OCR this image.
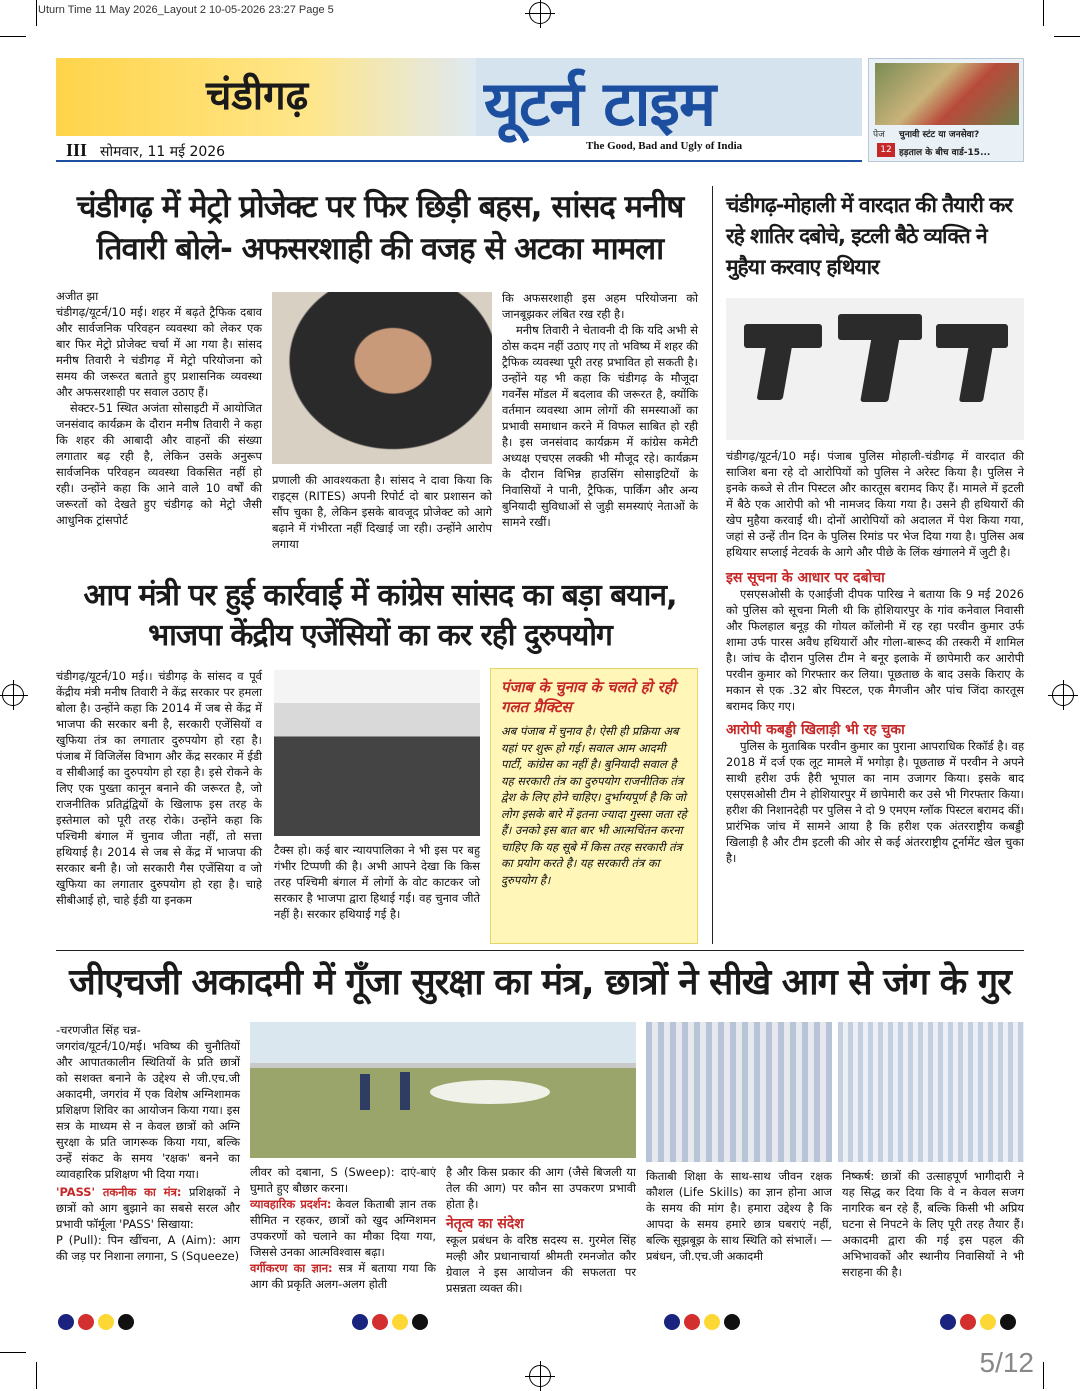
Uturn Time 11 May 2026_Layout 2 10-05-2026 23:27 Page 5
चंडीगढ़	यूटर्न टाइम
III सोमवार, 11 मई 2026	The Good, Bad and Ugly of India
पेज
12
चुनावी स्टंट या जनसेवा?
हड़ताल के बीच वार्ड-15...
चंडीगढ़ में मेट्रो प्रोजेक्ट पर फिर छिड़ी बहस, सांसद मनीष तिवारी बोले- अफसरशाही की वजह से अटका मामला

अजीत झा

चंडीगढ़/यूटर्न/10 मई। शहर में बढ़ते ट्रैफिक दबाव और सार्वजनिक परिवहन व्यवस्था को लेकर एक बार फिर मेट्रो प्रोजेक्ट चर्चा में आ गया है। सांसद मनीष तिवारी ने चंडीगढ़ में मेट्रो परियोजना को समय की जरूरत बताते हुए प्रशासनिक व्यवस्था और अफसरशाही पर सवाल उठाए हैं।

सेक्टर-51 स्थित अजंता सोसाइटी में आयोजित जनसंवाद कार्यक्रम के दौरान मनीष तिवारी ने कहा कि शहर की आबादी और वाहनों की संख्या लगातार बढ़ रही है, लेकिन उसके अनुरूप सार्वजनिक परिवहन व्यवस्था विकसित नहीं हो रही। उन्होंने कहा कि आने वाले 10 वर्षों की जरूरतों को देखते हुए चंडीगढ़ को मेट्रो जैसी आधुनिक ट्रांसपोर्ट

प्रणाली की आवश्यकता है। सांसद ने दावा किया कि राइट्स (RITES) अपनी रिपोर्ट दो बार प्रशासन को सौंप चुका है, लेकिन इसके बावजूद प्रोजेक्ट को आगे बढ़ाने में गंभीरता नहीं दिखाई जा रही। उन्होंने आरोप लगाया

कि अफसरशाही इस अहम परियोजना को जानबूझकर लंबित रख रही है।

मनीष तिवारी ने चेतावनी दी कि यदि अभी से ठोस कदम नहीं उठाए गए तो भविष्य में शहर की ट्रैफिक व्यवस्था पूरी तरह प्रभावित हो सकती है। उन्होंने यह भी कहा कि चंडीगढ़ के मौजूदा गवर्नेंस मॉडल में बदलाव की जरूरत है, क्योंकि वर्तमान व्यवस्था आम लोगों की समस्याओं का प्रभावी समाधान करने में विफल साबित हो रही है। इस जनसंवाद कार्यक्रम में कांग्रेस कमेटी अध्यक्ष एचएस लक्की भी मौजूद रहे। कार्यक्रम के दौरान विभिन्न हाउसिंग सोसाइटियों के निवासियों ने पानी, ट्रैफिक, पार्किंग और अन्य बुनियादी सुविधाओं से जुड़ी समस्याएं नेताओं के सामने रखीं।

चंडीगढ़-मोहाली में वारदात की तैयारी कर रहे शातिर दबोचे, इटली बैठे व्यक्ति ने मुहैया करवाए हथियार

चंडीगढ़/यूटर्न/10 मई। पंजाब पुलिस मोहाली-चंडीगढ़ में वारदात की साजिश बना रहे दो आरोपियों को पुलिस ने अरेस्ट किया है। पुलिस ने इनके कब्जे से तीन पिस्टल और कारतूस बरामद किए हैं। मामले में इटली में बैठे एक आरोपी को भी नामजद किया गया है। उसने ही हथियारों की खेप मुहैया करवाई थी। दोनों आरोपियों को अदालत में पेश किया गया, जहां से उन्हें तीन दिन के पुलिस रिमांड पर भेज दिया गया है। पुलिस अब हथियार सप्लाई नेटवर्क के आगे और पीछे के लिंक खंगालने में जुटी है।

इस सूचना के आधार पर दबोचा

एसएसओसी के एआईजी दीपक पारिख ने बताया कि 9 मई 2026 को पुलिस को सूचना मिली थी कि होशियारपुर के गांव कनेवाल निवासी और फिलहाल बनूड़ की गोयल कॉलोनी में रह रहा परवीन कुमार उर्फ शामा उर्फ पारस अवैध हथियारों और गोला-बारूद की तस्करी में शामिल है। जांच के दौरान पुलिस टीम ने बनूर इलाके में छापेमारी कर आरोपी परवीन कुमार को गिरफ्तार कर लिया। पूछताछ के बाद उसके किराए के मकान से एक .32 बोर पिस्टल, एक मैगजीन और पांच जिंदा कारतूस बरामद किए गए।

आरोपी कबड्डी खिलाड़ी भी रह चुका

पुलिस के मुताबिक परवीन कुमार का पुराना आपराधिक रिकॉर्ड है। वह 2018 में दर्ज एक लूट मामले में भगोड़ा है। पूछताछ में परवीन ने अपने साथी हरीश उर्फ हैरी भूपाल का नाम उजागर किया। इसके बाद एसएसओसी टीम ने होशियारपुर में छापेमारी कर उसे भी गिरफ्तार किया। हरीश की निशानदेही पर पुलिस ने दो 9 एमएम ग्लॉक पिस्टल बरामद कीं। प्रारंभिक जांच में सामने आया है कि हरीश एक अंतरराष्ट्रीय कबड्डी खिलाड़ी है और टीम इटली की ओर से कई अंतरराष्ट्रीय टूर्नामेंट खेल चुका है।

आप मंत्री पर हुई कार्रवाई में कांग्रेस सांसद का बड़ा बयान, भाजपा केंद्रीय एजेंसियों का कर रही दुरुपयोग

चंडीगढ़/यूटर्न/10 मई।। चंडीगढ़ के सांसद व पूर्व केंद्रीय मंत्री मनीष तिवारी ने केंद्र सरकार पर हमला बोला है। उन्होंने कहा कि 2014 में जब से केंद्र में भाजपा की सरकार बनी है, सरकारी एजेंसियों व खुफिया तंत्र का लगातार दुरुपयोग हो रहा है। पंजाब में विजिलेंस विभाग और केंद्र सरकार में ईडी व सीबीआई का दुरुपयोग हो रहा है। इसे रोकने के लिए एक पुख्ता कानून बनाने की जरूरत है, जो राजनीतिक प्रतिद्वंद्वियों के खिलाफ इस तरह के इस्तेमाल को पूरी तरह रोके। उन्होंने कहा कि पश्चिमी बंगाल में चुनाव जीता नहीं, तो सत्ता हथियाई है। 2014 से जब से केंद्र में भाजपा की सरकार बनी है। जो सरकारी गैस एजेंसिया व जो खुफिया का लगातार दुरुपयोग हो रहा है। चाहे सीबीआई हो, चाहे ईडी या इनकम

टैक्स हो। कई बार न्यायपालिका ने भी इस पर बहु गंभीर टिप्पणी की है। अभी आपने देखा कि किस तरह पश्चिमी बंगाल में लोगों के वोट काटकर जो सरकार है भाजपा द्वारा हिथाई गई। वह चुनाव जीते नहीं है। सरकार हथियाई गई है।

पंजाब के चुनाव के चलते हो रही
गलत प्रैक्टिस
अब पंजाब में चुनाव है। ऐसी ही प्रक्रिया अब यहां पर शुरू हो गई। सवाल आम आदमी पार्टी, कांग्रेस का नहीं है। बुनियादी सवाल है यह सरकारी तंत्र का दुरुपयोग राजनीतिक तंत्र द्वेश के लिए होने चाहिए। दुर्भाग्यपूर्ण है कि जो लोग इसके बारे में इतना ज्यादा गुस्सा जता रहे हैं। उनको इस बात बार भी आत्मचिंतन करना चाहिए कि यह सूबे में किस तरह सरकारी तंत्र का प्रयोग करते है। यह सरकारी तंत्र का दुरुपयोग है।
जीएचजी अकादमी में गूँजा सुरक्षा का मंत्र, छात्रों ने सीखे आग से जंग के गुर

-चरणजीत सिंह चन्न-

जगरांव/यूटर्न/10/मई। भविष्य की चुनौतियों और आपातकालीन स्थितियों के प्रति छात्रों को सशक्त बनाने के उद्देश्य से जी.एच.जी अकादमी, जगरांव में एक विशेष अग्निशामक प्रशिक्षण शिविर का आयोजन किया गया। इस सत्र के माध्यम से न केवल छात्रों को अग्नि सुरक्षा के प्रति जागरूक किया गया, बल्कि उन्हें संकट के समय 'रक्षक' बनने का व्यावहारिक प्रशिक्षण भी दिया गया।

'PASS' तकनीक का मंत्र: प्रशिक्षकों ने छात्रों को आग बुझाने का सबसे सरल और प्रभावी फॉर्मूला 'PASS' सिखाया:

P (Pull): पिन खींचना, A (Aim): आग की जड़ पर निशाना लगाना, S (Squeeze)

लीवर को दबाना, S (Sweep): दाएं-बाएं घुमाते हुए बौछार करना।

व्यावहारिक प्रदर्शन: केवल किताबी ज्ञान तक सीमित न रहकर, छात्रों को खुद अग्निशमन उपकरणों को चलाने का मौका दिया गया, जिससे उनका आत्मविश्वास बढ़ा।

वर्गीकरण का ज्ञान: सत्र में बताया गया कि आग की प्रकृति अलग-अलग होती

है और किस प्रकार की आग (जैसे बिजली या तेल की आग) पर कौन सा उपकरण प्रभावी होता है।

नेतृत्व का संदेश

स्कूल प्रबंधन के वरिष्ठ सदस्य स. गुरमेल सिंह मल्ही और प्रधानाचार्या श्रीमती रमनजोत कौर ग्रेवाल ने इस आयोजन की सफलता पर प्रसन्नता व्यक्त की।

किताबी शिक्षा के साथ-साथ जीवन रक्षक कौशल (Life Skills) का ज्ञान होना आज के समय की मांग है। हमारा उद्देश्य है कि आपदा के समय हमारे छात्र घबराएं नहीं, बल्कि सूझबूझ के साथ स्थिति को संभालें। — प्रबंधन, जी.एच.जी अकादमी

निष्कर्ष: छात्रों की उत्साहपूर्ण भागीदारी ने यह सिद्ध कर दिया कि वे न केवल सजग नागरिक बन रहे हैं, बल्कि किसी भी अप्रिय घटना से निपटने के लिए पूरी तरह तैयार हैं। अकादमी द्वारा की गई इस पहल की अभिभावकों और स्थानीय निवासियों ने भी सराहना की है।

5/12
